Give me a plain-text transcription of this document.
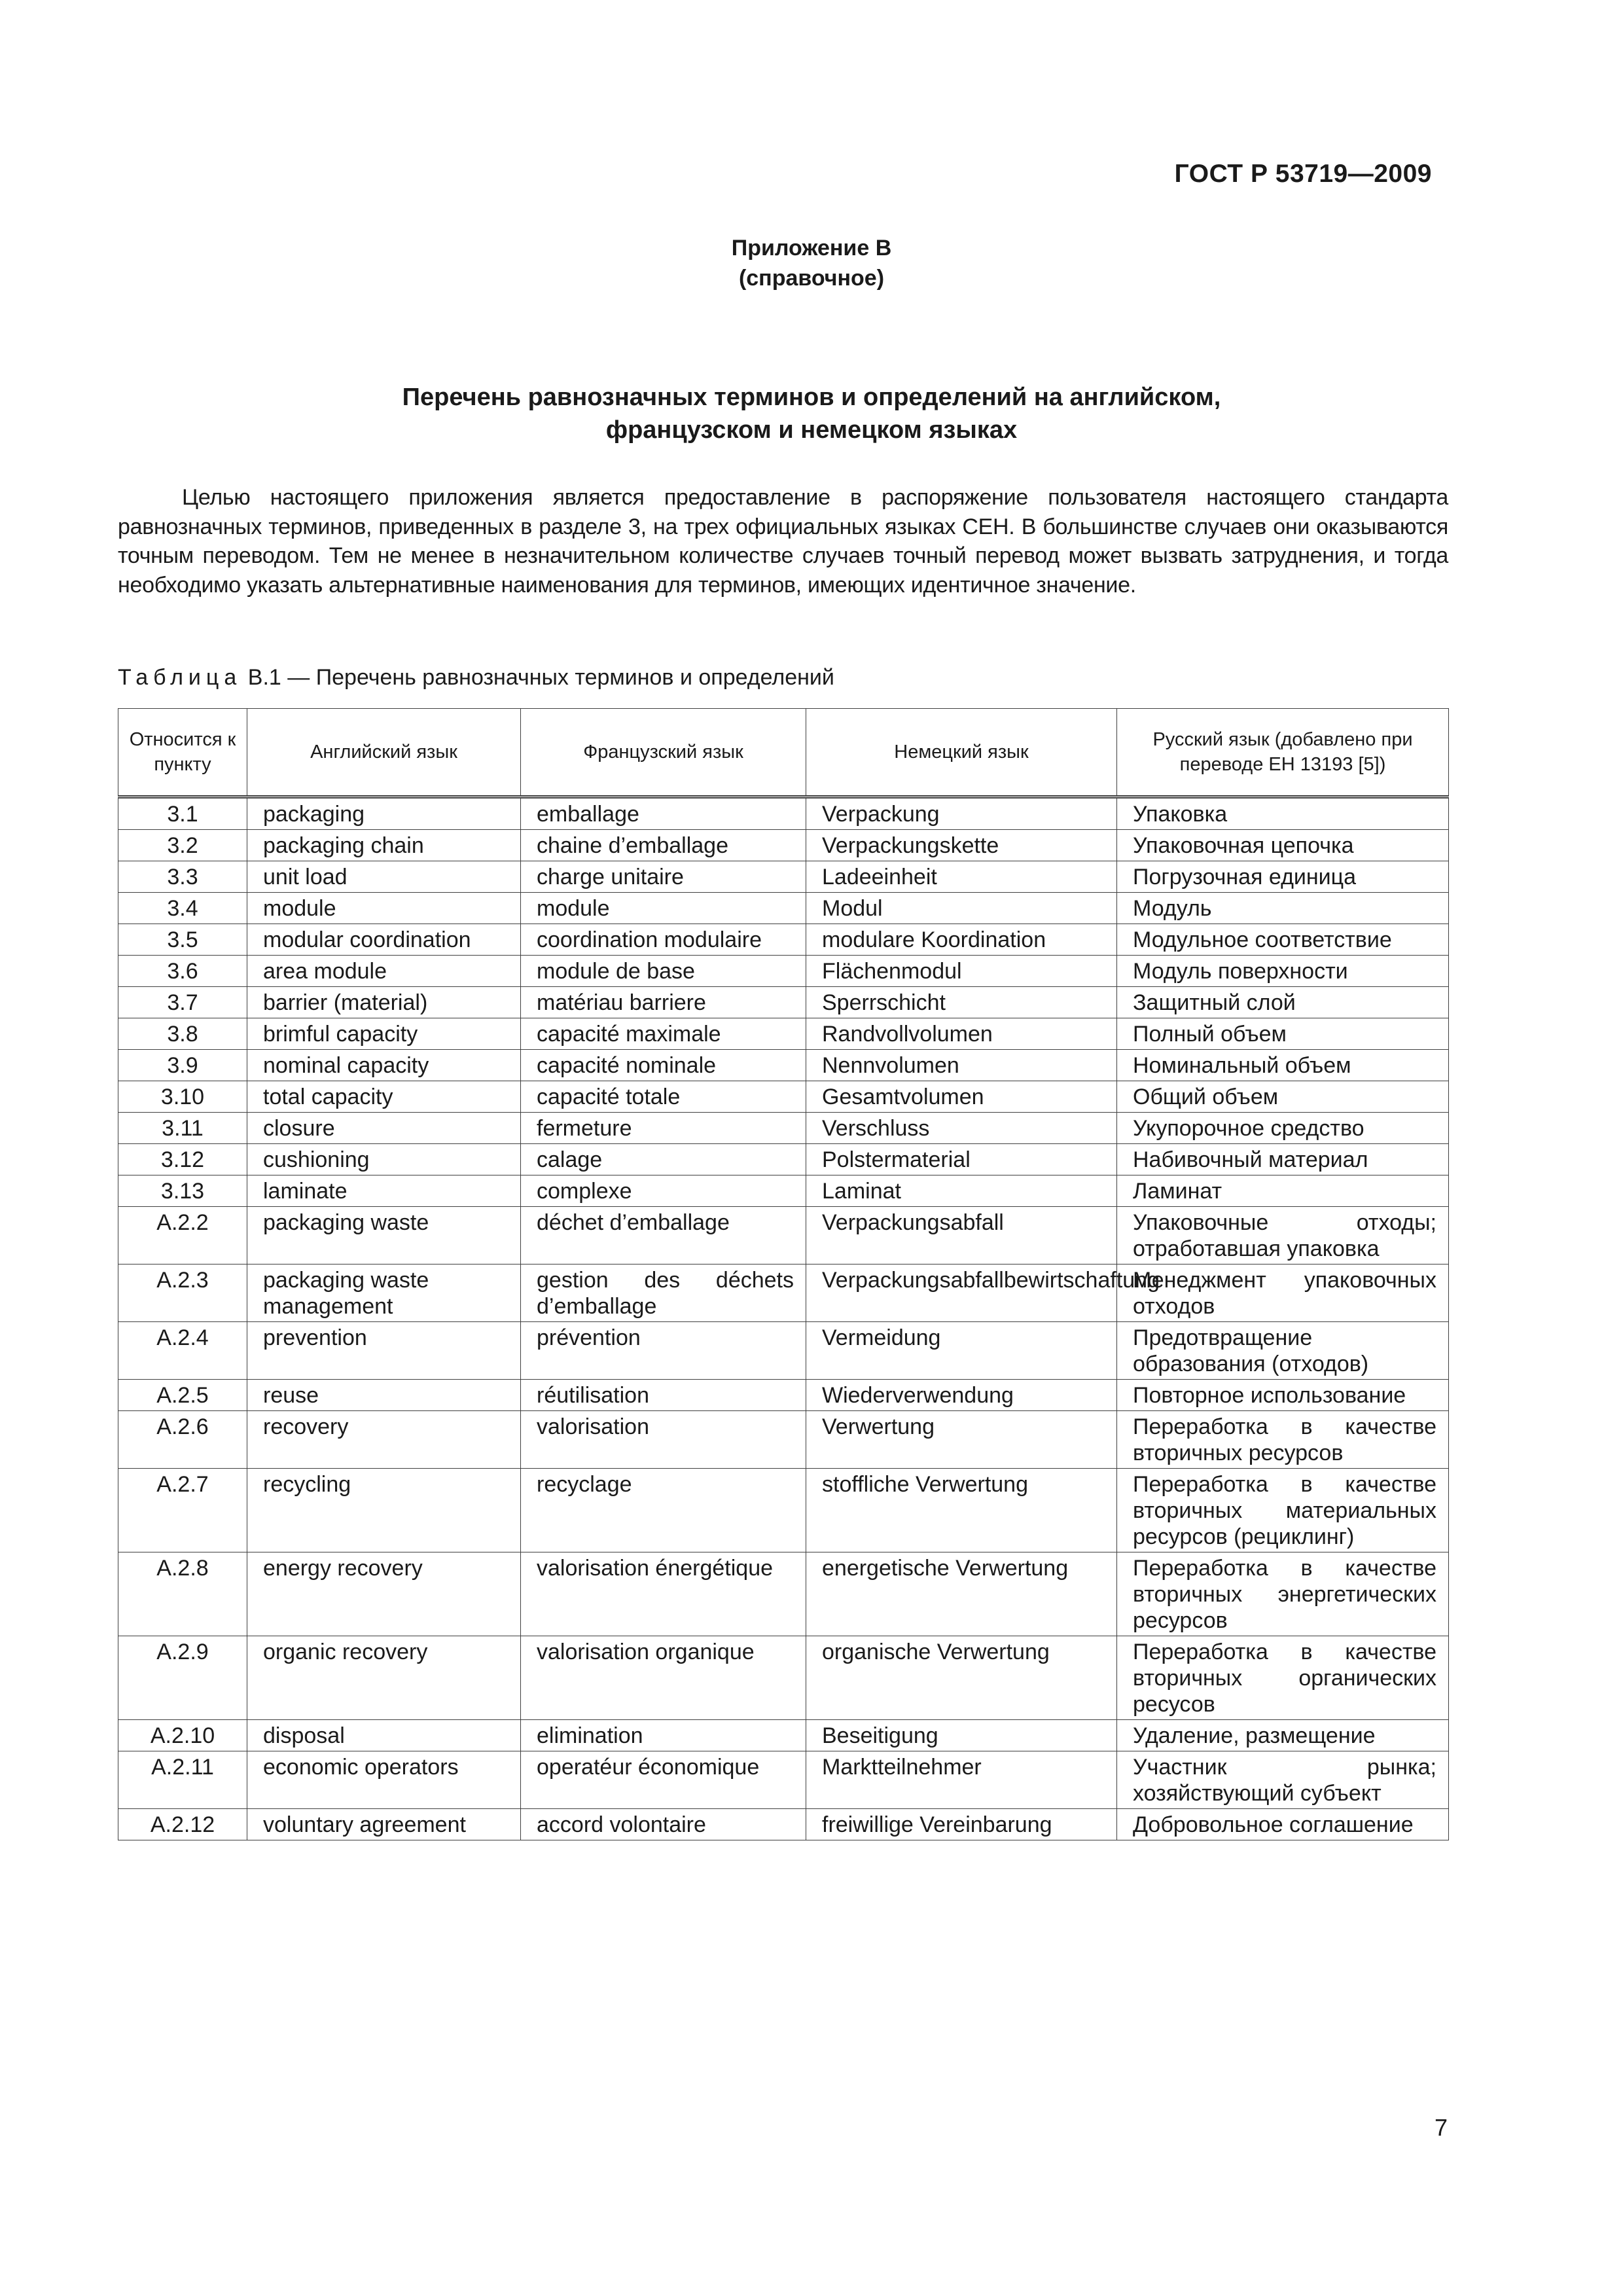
ГОСТ Р 53719—2009
Приложение В
(справочное)
Перечень равнозначных терминов и определений на английском,
французском и немецком языках
Целью настоящего приложения является предоставление в распоряжение пользователя настоящего стандарта равнозначных терминов, приведенных в разделе 3, на трех официальных языках СЕН. В большинстве случаев они оказываются точным переводом. Тем не менее в незначительном количестве случаев точный перевод может вызвать затруднения, и тогда необходимо указать альтернативные наименования для терминов, имеющих идентичное значение.
Таблица В.1 — Перечень равнозначных терминов и определений
Относится к пункту	Английский язык	Французский язык	Немецкий язык	Русский язык (добавлено при переводе ЕН 13193 [5])
3.1	packaging	emballage	Verpackung	Упаковка
3.2	packaging chain	chaine d’emballage	Verpackungskette	Упаковочная цепочка
3.3	unit load	charge unitaire	Ladeeinheit	Погрузочная единица
3.4	module	module	Modul	Модуль
3.5	modular coordination	coordination modulaire	modulare Koordination	Модульное соответствие
3.6	area module	module de base	Flächenmodul	Модуль поверхности
3.7	barrier (material)	matériau barriere	Sperrschicht	Защитный слой
3.8	brimful capacity	capacité maximale	Randvollvolumen	Полный объем
3.9	nominal capacity	capacité nominale	Nennvolumen	Номинальный объем
3.10	total capacity	capacité totale	Gesamtvolumen	Общий объем
3.11	closure	fermeture	Verschluss	Укупорочное средство
3.12	cushioning	calage	Polstermaterial	Набивочный материал
3.13	laminate	complexe	Laminat	Ламинат
A.2.2	packaging waste	déchet d’emballage	Verpackungsabfall	Упаковочные отходы; отработавшая упаковка
A.2.3	packaging waste management	gestion des déchets d’emballage	Verpackungsabfallbewirtschaftung	Менеджмент упаковочных отходов
A.2.4	prevention	prévention	Vermeidung	Предотвращение образования (отходов)
A.2.5	reuse	réutilisation	Wiederverwendung	Повторное использование
A.2.6	recovery	valorisation	Verwertung	Переработка в качестве вторичных ресурсов
A.2.7	recycling	recyclage	stoffliche Verwertung	Переработка в качестве вторичных материальных ресурсов (рециклинг)
A.2.8	energy recovery	valorisation énergétique	energetische Verwertung	Переработка в качестве вторичных энергетических ресурсов
A.2.9	organic recovery	valorisation organique	organische Verwertung	Переработка в качестве вторичных органических ресусов
A.2.10	disposal	elimination	Beseitigung	Удаление, размещение
A.2.11	economic operators	operatéur économique	Marktteilnehmer	Участник рынка; хозяйствующий субъект
A.2.12	voluntary agreement	accord volontaire	freiwillige Vereinbarung	Добровольное соглашение
7
